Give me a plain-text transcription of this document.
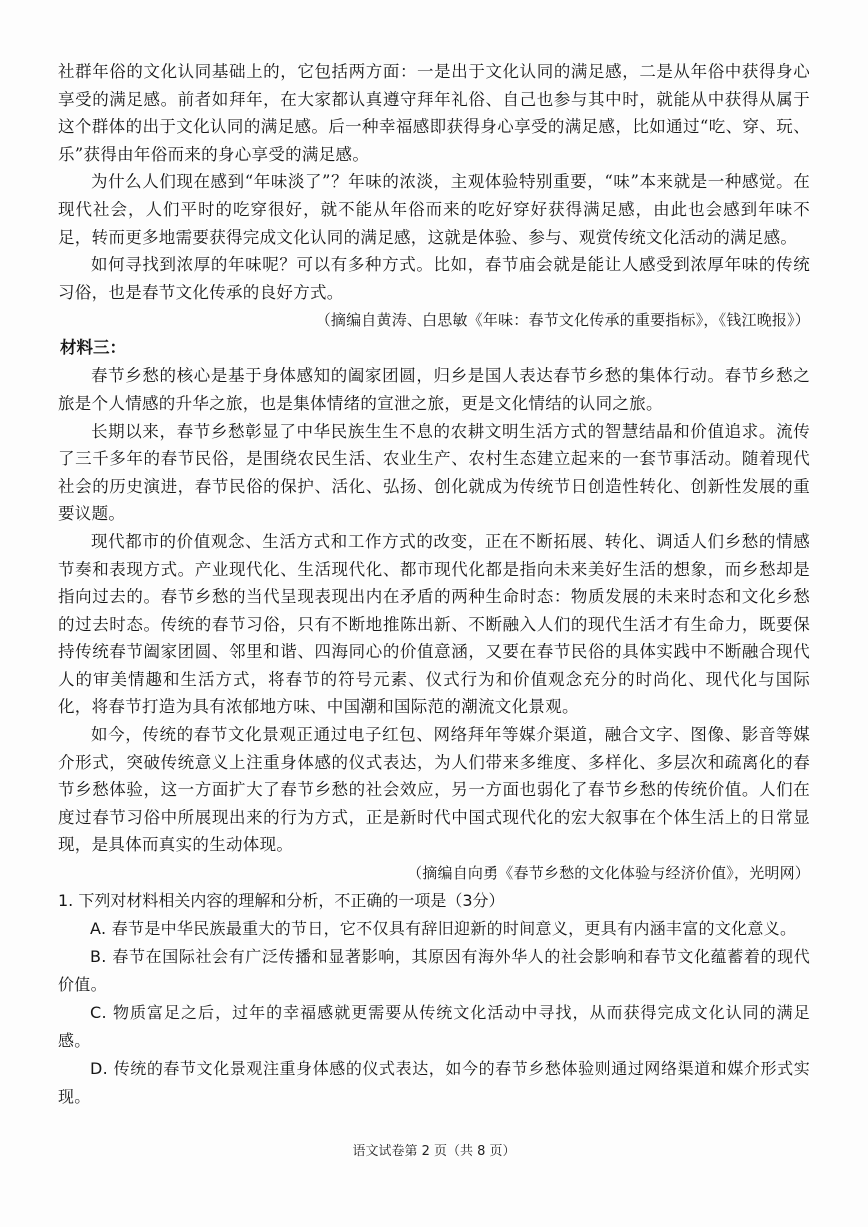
社群年俗的文化认同基础上的，它包括两方面：一是出于文化认同的满足感，二是从年俗中获得身心享受的满足感。前者如拜年，在大家都认真遵守拜年礼俗、自己也参与其中时，就能从中获得从属于这个群体的出于文化认同的满足感。后一种幸福感即获得身心享受的满足感，比如通过“吃、穿、玩、乐”获得由年俗而来的身心享受的满足感。

为什么人们现在感到“年味淡了”？年味的浓淡，主观体验特别重要，“味”本来就是一种感觉。在现代社会，人们平时的吃穿很好，就不能从年俗而来的吃好穿好获得满足感，由此也会感到年味不足，转而更多地需要获得完成文化认同的满足感，这就是体验、参与、观赏传统文化活动的满足感。

如何寻找到浓厚的年味呢？可以有多种方式。比如，春节庙会就是能让人感受到浓厚年味的传统习俗，也是春节文化传承的良好方式。

（摘编自黄涛、白思敏《年味：春节文化传承的重要指标》，《钱江晚报》）

材料三：

春节乡愁的核心是基于身体感知的阖家团圆，归乡是国人表达春节乡愁的集体行动。春节乡愁之旅是个人情感的升华之旅，也是集体情绪的宣泄之旅，更是文化情结的认同之旅。

长期以来，春节乡愁彰显了中华民族生生不息的农耕文明生活方式的智慧结晶和价值追求。流传了三千多年的春节民俗，是围绕农民生活、农业生产、农村生态建立起来的一套节事活动。随着现代社会的历史演进，春节民俗的保护、活化、弘扬、创化就成为传统节日创造性转化、创新性发展的重要议题。

现代都市的价值观念、生活方式和工作方式的改变，正在不断拓展、转化、调适人们乡愁的情感节奏和表现方式。产业现代化、生活现代化、都市现代化都是指向未来美好生活的想象，而乡愁却是指向过去的。春节乡愁的当代呈现表现出内在矛盾的两种生命时态：物质发展的未来时态和文化乡愁的过去时态。传统的春节习俗，只有不断地推陈出新、不断融入人们的现代生活才有生命力，既要保持传统春节阖家团圆、邻里和谐、四海同心的价值意涵，又要在春节民俗的具体实践中不断融合现代人的审美情趣和生活方式，将春节的符号元素、仪式行为和价值观念充分的时尚化、现代化与国际化，将春节打造为具有浓郁地方味、中国潮和国际范的潮流文化景观。

如今，传统的春节文化景观正通过电子红包、网络拜年等媒介渠道，融合文字、图像、影音等媒介形式，突破传统意义上注重身体感的仪式表达，为人们带来多维度、多样化、多层次和疏离化的春节乡愁体验，这一方面扩大了春节乡愁的社会效应，另一方面也弱化了春节乡愁的传统价值。人们在度过春节习俗中所展现出来的行为方式，正是新时代中国式现代化的宏大叙事在个体生活上的日常显现，是具体而真实的生动体现。

（摘编自向勇《春节乡愁的文化体验与经济价值》，光明网）

1. 下列对材料相关内容的理解和分析，不正确的一项是（3分）

A. 春节是中华民族最重大的节日，它不仅具有辞旧迎新的时间意义，更具有内涵丰富的文化意义。

B. 春节在国际社会有广泛传播和显著影响，其原因有海外华人的社会影响和春节文化蕴蓄着的现代价值。

C. 物质富足之后，过年的幸福感就更需要从传统文化活动中寻找，从而获得完成文化认同的满足感。

D. 传统的春节文化景观注重身体感的仪式表达，如今的春节乡愁体验则通过网络渠道和媒介形式实现。

语文试卷第 2 页（共 8 页）
